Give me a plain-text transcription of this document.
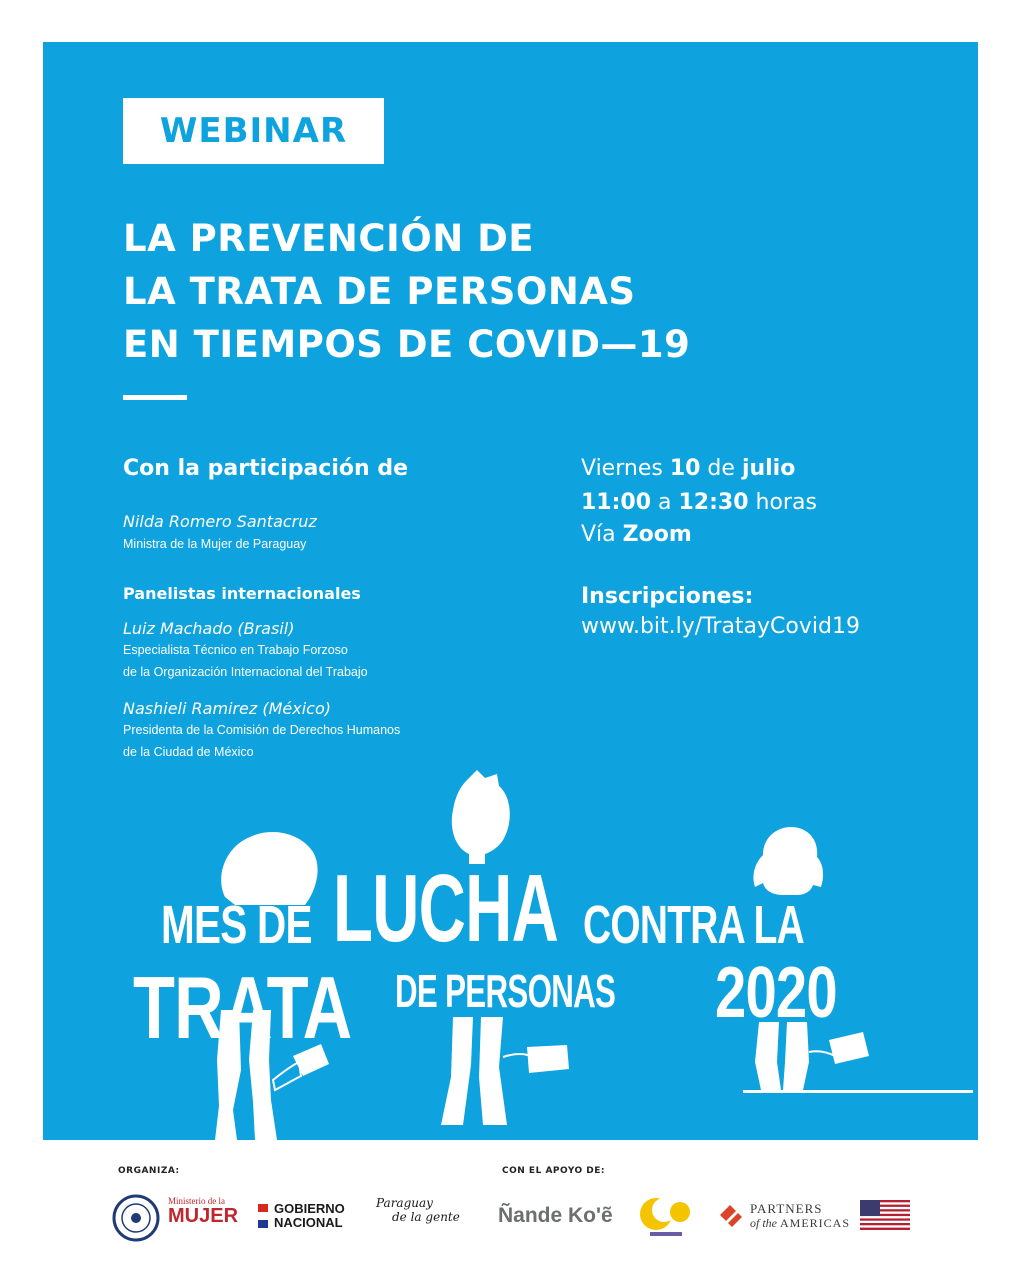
WEBINAR
LA PREVENCIÓN DE
LA TRATA DE PERSONAS
EN TIEMPOS DE COVID—19
Con la participación de
Nilda Romero Santacruz
Ministra de la Mujer de Paraguay
Panelistas internacionales
Luiz Machado (Brasil)
Especialista Técnico en Trabajo Forzoso
de la Organización Internacional del Trabajo
Nashieli Ramirez (México)
Presidenta de la Comisión de Derechos Humanos
de la Ciudad de México
Viernes 10 de julio
11:00 a 12:30 horas
Vía Zoom
Inscripciones:
www.bit.ly/TratayCovid19
MES DE LUCHA CONTRA LA
TRATA DE PERSONAS 2020
ORGANIZA:	CON EL APOYO DE:
Ministerio de la
MUJER	GOBIERNO
NACIONAL
Paraguay
de la gente Ñande Ko'ẽ	PARTNERS
of the AMERICAS
